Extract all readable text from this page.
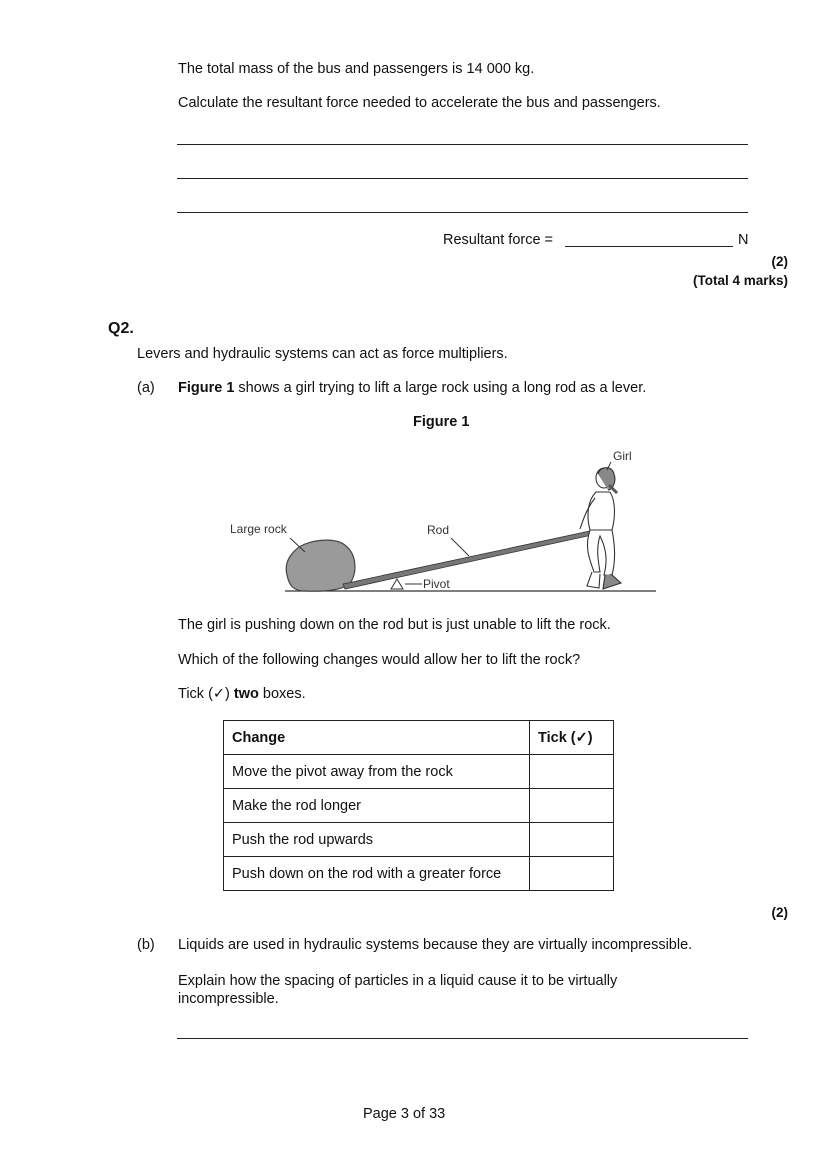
The total mass of the bus and passengers is 14 000 kg.
Calculate the resultant force needed to accelerate the bus and passengers.
Resultant force =	N
(2)
(Total 4 marks)
Q2.
Levers and hydraulic systems can act as force multipliers.
(a) Figure 1 shows a girl trying to lift a large rock using a long rod as a lever.
Figure 1
Girl
Large rock	Rod
Pivot
The girl is pushing down on the rod but is just unable to lift the rock.
Which of the following changes would allow her to lift the rock?
Tick (✓) two boxes.
Change	Tick (✓)
Move the pivot away from the rock	
Make the rod longer	
Push the rod upwards	
Push down on the rod with a greater force	
(2)
(b) Liquids are used in hydraulic systems because they are virtually incompressible.
Explain how the spacing of particles in a liquid cause it to be virtually incompressible.
Page 3 of 33
